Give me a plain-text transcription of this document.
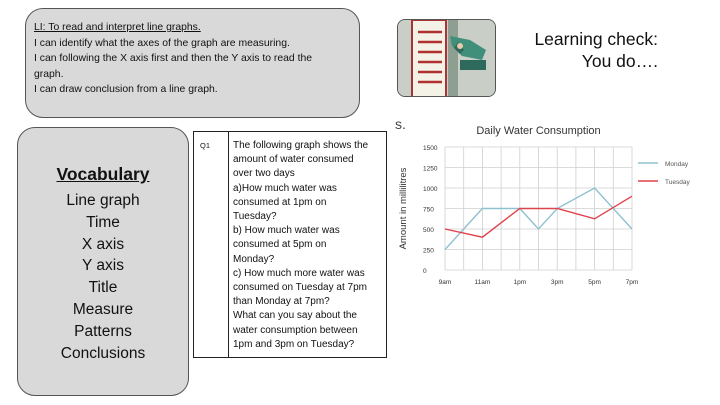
LI: To read and interpret line graphs.
I can identify what the axes of the graph are measuring.
I can following the X axis first and then the Y axis to read the
graph.
I can draw conclusion from a line graph.
Learning check:
You do….
Vocabulary
Line graph
Time
X axis
Y axis
Title
Measure
Patterns
Conclusions
Q1 The following graph shows the
amount of water consumed
over two days
a)How much water was
consumed at 1pm on
Tuesday?
b) How much water was
consumed at 5pm on
Monday?
c) How much more water was
consumed on Tuesday at 7pm
than Monday at 7pm?
What can you say about the
water consumption between
1pm and 3pm on Tuesday?
s.	Daily Water Consumption
Amount in millilitres
0
250
500
750
1000
1250
1500
9am	11am	1pm	3pm	5pm	7pm
Monday
Tuesday
